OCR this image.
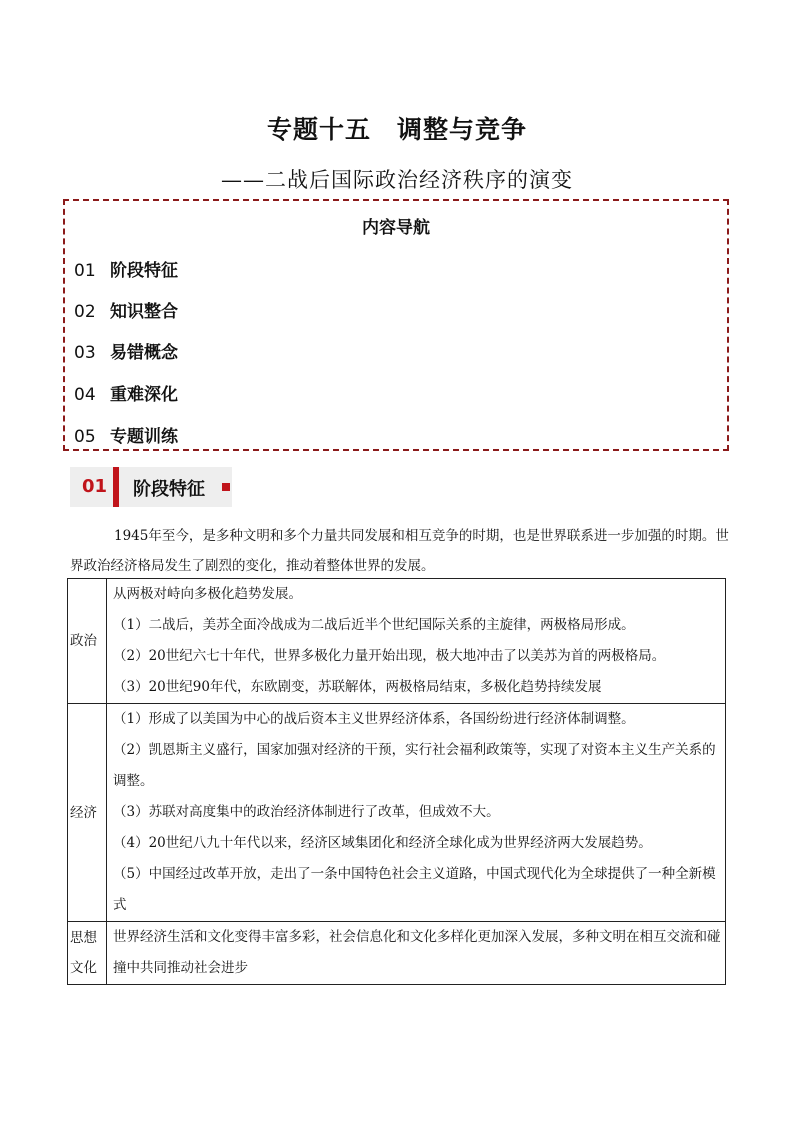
专题十五　调整与竞争
——二战后国际政治经济秩序的演变
内容导航
01 阶段特征
02 知识整合
03 易错概念
04 重难深化
05 专题训练
01 阶段特征
1945年至今，是多种文明和多个力量共同发展和相互竞争的时期，也是世界联系进一步加强的时期。世界政治经济格局发生了剧烈的变化，推动着整体世界的发展。
政治	从两极对峙向多极化趋势发展。
（1）二战后，美苏全面冷战成为二战后近半个世纪国际关系的主旋律，两极格局形成。
（2）20世纪六七十年代，世界多极化力量开始出现，极大地冲击了以美苏为首的两极格局。
（3）20世纪90年代，东欧剧变，苏联解体，两极格局结束，多极化趋势持续发展

经济	（1）形成了以美国为中心的战后资本主义世界经济体系，各国纷纷进行经济体制调整。
（2）凯恩斯主义盛行，国家加强对经济的干预，实行社会福利政策等，实现了对资本主义生产关系的调整。
（3）苏联对高度集中的政治经济体制进行了改革，但成效不大。
（4）20世纪八九十年代以来，经济区域集团化和经济全球化成为世界经济两大发展趋势。
（5）中国经过改革开放，走出了一条中国特色社会主义道路，中国式现代化为全球提供了一种全新模式

思想文化	世界经济生活和文化变得丰富多彩，社会信息化和文化多样化更加深入发展，多种文明在相互交流和碰撞中共同推动社会进步
